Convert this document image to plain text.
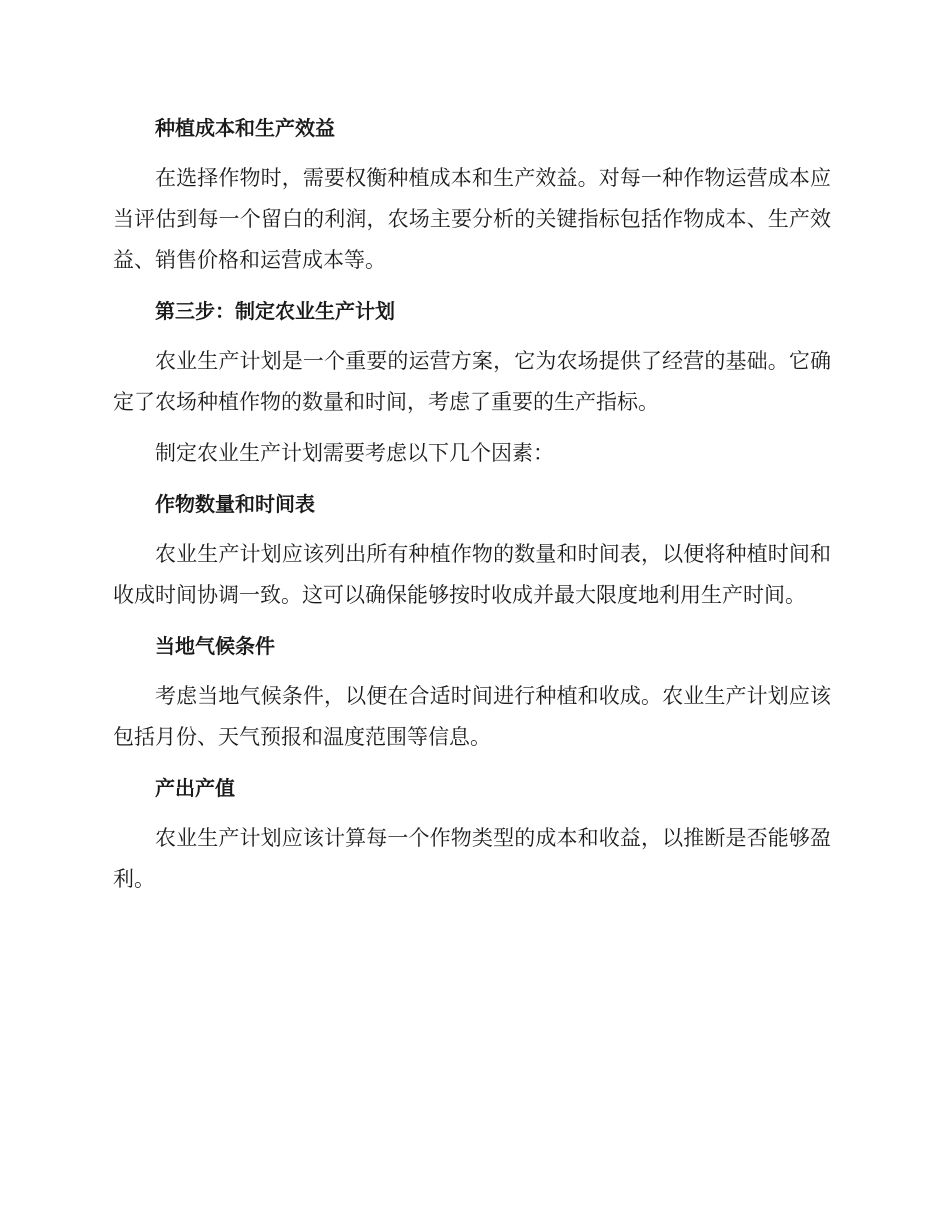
种植成本和生产效益

在选择作物时，需要权衡种植成本和生产效益。对每一种作物运营成本应当评估到每一个留白的利润，农场主要分析的关键指标包括作物成本、生产效益、销售价格和运营成本等。

第三步：制定农业生产计划

农业生产计划是一个重要的运营方案，它为农场提供了经营的基础。它确定了农场种植作物的数量和时间，考虑了重要的生产指标。

制定农业生产计划需要考虑以下几个因素：

作物数量和时间表

农业生产计划应该列出所有种植作物的数量和时间表，以便将种植时间和收成时间协调一致。这可以确保能够按时收成并最大限度地利用生产时间。

当地气候条件

考虑当地气候条件，以便在合适时间进行种植和收成。农业生产计划应该包括月份、天气预报和温度范围等信息。

产出产值

农业生产计划应该计算每一个作物类型的成本和收益，以推断是否能够盈利。
